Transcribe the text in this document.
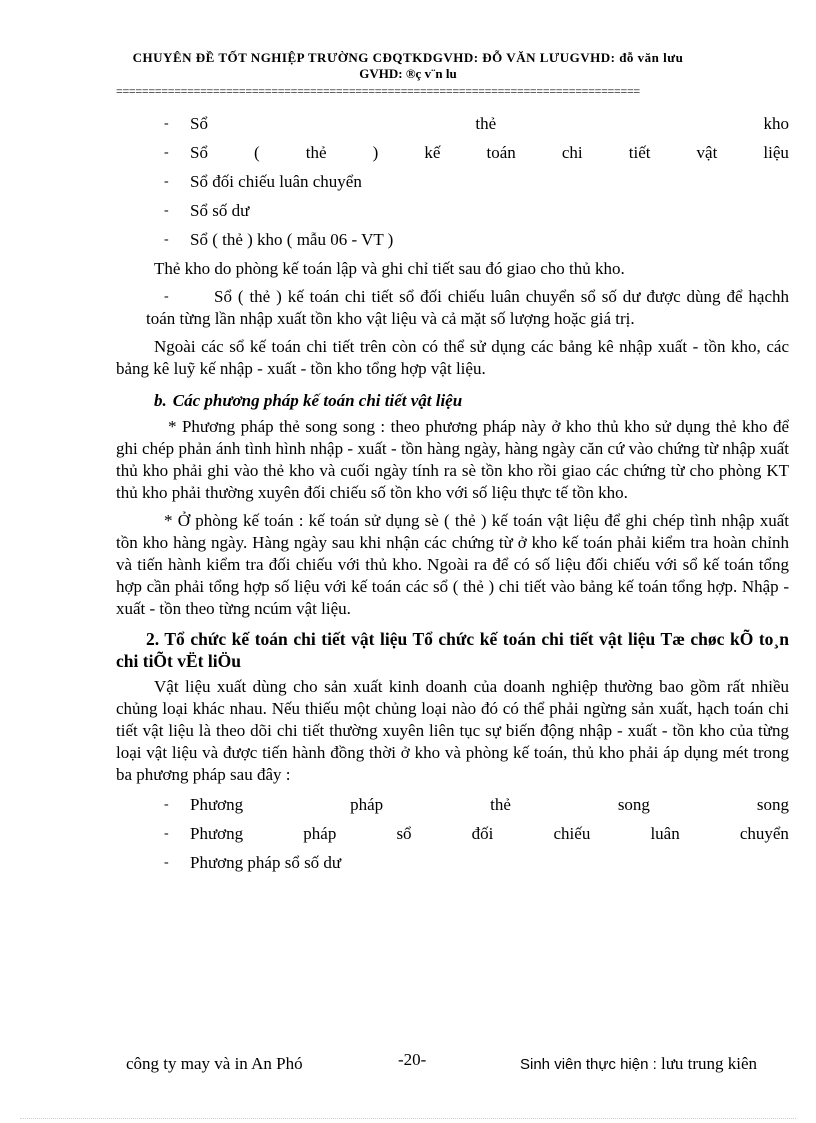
CHUYÊN ĐỀ TỐT NGHIỆP TRƯỜNG CĐQTKDGVHD: ĐỖ VĂN LƯUGVHD: đỗ văn lưu
GVHD: ®ç v¨n lu
=================================================================================
- Sổ	thẻ	kho
- Sổ	(	thẻ	)	kế	toán	chi	tiết	vật	liệu
- Sổ đối chiếu luân chuyển
- Sổ số dư
- Sổ ( thẻ ) kho ( mẫu 06 - VT )

Thẻ kho do phòng kế toán lập và ghi chỉ tiết sau đó giao cho thủ kho.

-	Sổ ( thẻ ) kế toán chi tiết sổ đối chiếu luân chuyển sổ số dư được dùng để hạchh toán từng lần nhập xuất tồn kho vật liệu và cả mặt số lượng hoặc giá trị.

Ngoài các sổ kế toán chi tiết trên còn có thể sử dụng các bảng kê nhập xuất - tồn kho, các bảng kê luỹ kế nhập - xuất - tồn kho tổng hợp vật liệu.

b. Các phương pháp kế toán chi tiết vật liệu

* Phương pháp thẻ song song : theo phương pháp này ở kho thủ kho sử dụng thẻ kho để ghi chép phản ánh tình hình nhập - xuất - tồn hàng ngày, hàng ngày căn cứ vào chứng từ nhập xuất thủ kho phải ghi vào thẻ kho và cuối ngày tính ra sè tồn kho rồi giao các chứng từ cho phòng KT thủ kho phải thường xuyên đối chiếu số tồn kho với số liệu thực tế tồn kho.

* Ở phòng kế toán : kế toán sử dụng sè ( thẻ ) kế toán vật liệu để ghi chép tình nhập xuất tồn kho hàng ngày. Hàng ngày sau khi nhận các chứng từ ở kho kế toán phải kiểm tra hoàn chỉnh và tiến hành kiểm tra đối chiếu với thủ kho. Ngoài ra để có số liệu đối chiếu với sổ kế toán tổng hợp cần phải tổng hợp số liệu với kế toán các sổ ( thẻ ) chi tiết vào bảng kế toán tổng hợp. Nhập - xuất - tồn theo từng ncúm vật liệu.

2. Tổ chức kế toán chi tiết vật liệu Tổ chức kế toán chi tiết vật liệu Tæ chøc kÕ to¸n chi tiÕt vËt liÖu

Vật liệu xuất dùng cho sản xuất kinh doanh của doanh nghiệp thường bao gồm rất nhiều chủng loại khác nhau. Nếu thiếu một chủng loại nào đó có thể phải ngừng sản xuất, hạch toán chi tiết vật liệu là theo dõi chi tiết thường xuyên liên tục sự biến động nhập - xuất - tồn kho của từng loại vật liệu và được tiến hành đồng thời ở kho và phòng kế toán, thủ kho phải áp dụng mét trong ba phương pháp sau đây :

- Phương	pháp	thẻ	song	song
- Phương	pháp	sổ	đối	chiếu	luân	chuyển
- Phương pháp sổ số dư
công ty may và in An Phó	-20-	Sinh viên thực hiện : lưu trung kiên
